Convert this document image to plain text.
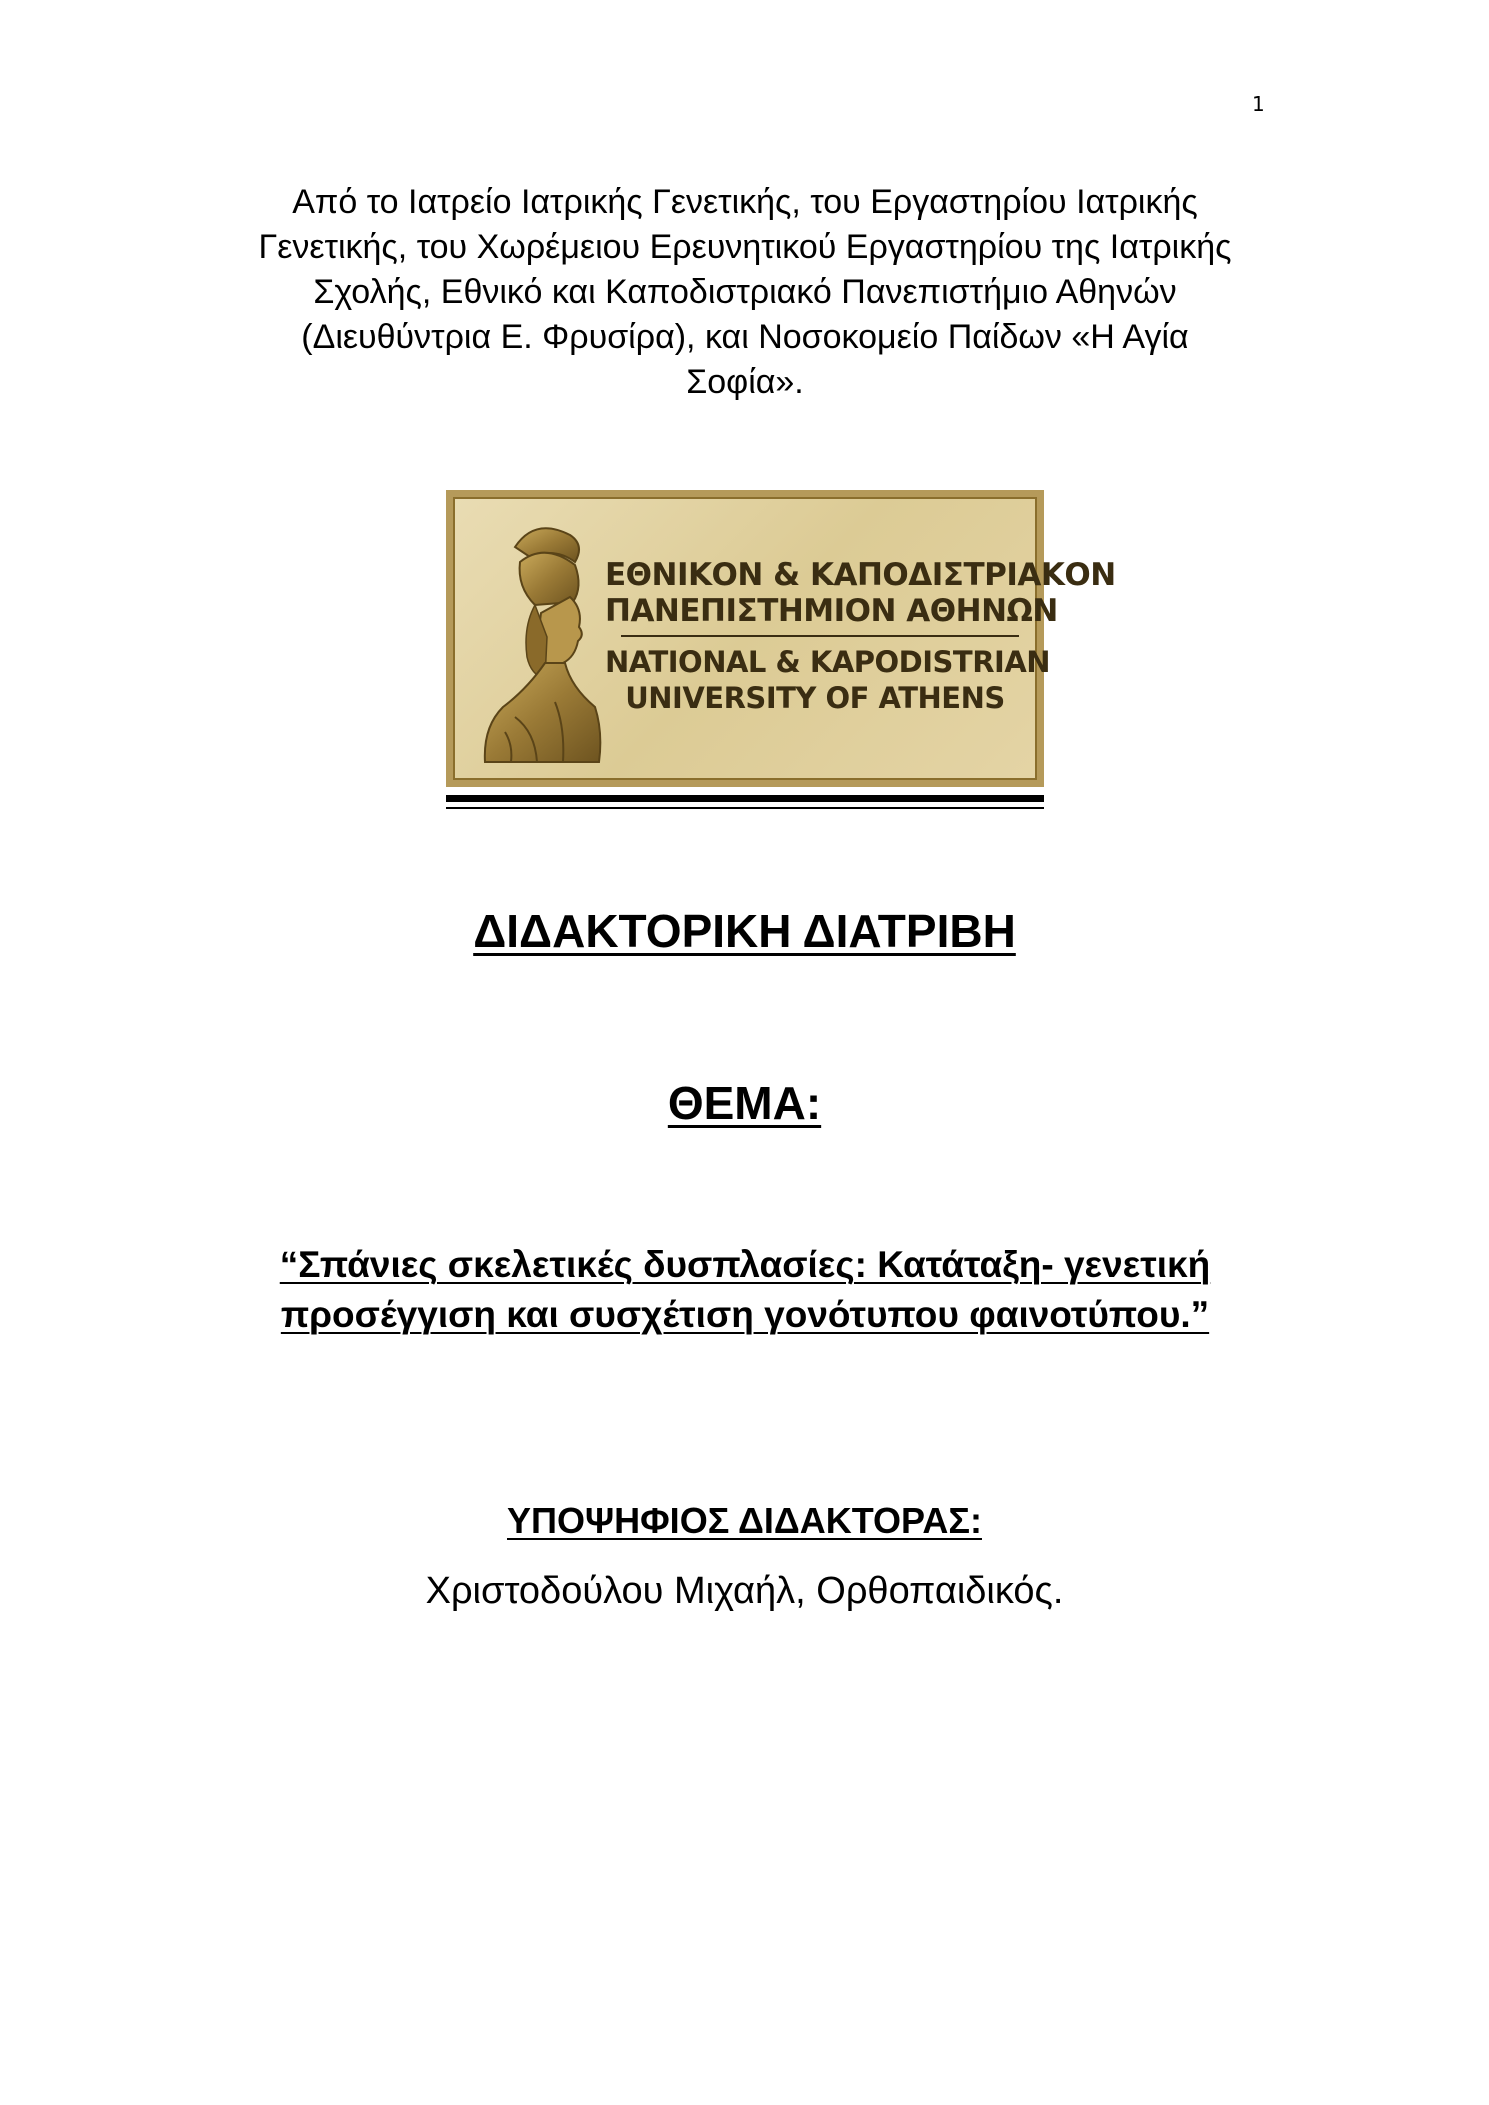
1
Από το Ιατρείο Ιατρικής Γενετικής, του Εργαστηρίου Ιατρικής
Γενετικής, του Χωρέμειου Ερευνητικού Εργαστηρίου της Ιατρικής
Σχολής, Εθνικό και Καποδιστριακό Πανεπιστήμιο Αθηνών
(Διευθύντρια Ε. Φρυσίρα), και Νοσοκομείο Παίδων «Η Αγία
Σοφία».
ΕΘΝΙΚΟΝ & ΚΑΠΟΔΙΣΤΡΙΑΚΟΝ
ΠΑΝΕΠΙΣΤΗΜΙΟΝ ΑΘΗΝΩΝ
NATIONAL & KAPODISTRIAN
UNIVERSITY OF ATHENS
ΔΙΔΑΚΤΟΡΙΚΗ ΔΙΑΤΡΙΒΗ
ΘΕΜΑ:
“Σπάνιες σκελετικές δυσπλασίες: Κατάταξη- γενετική
προσέγγιση και συσχέτιση γονότυπου φαινοτύπου.”
ΥΠΟΨΗΦΙΟΣ ΔΙΔΑΚΤΟΡΑΣ:
Χριστοδούλου Μιχαήλ, Ορθοπαιδικός.
